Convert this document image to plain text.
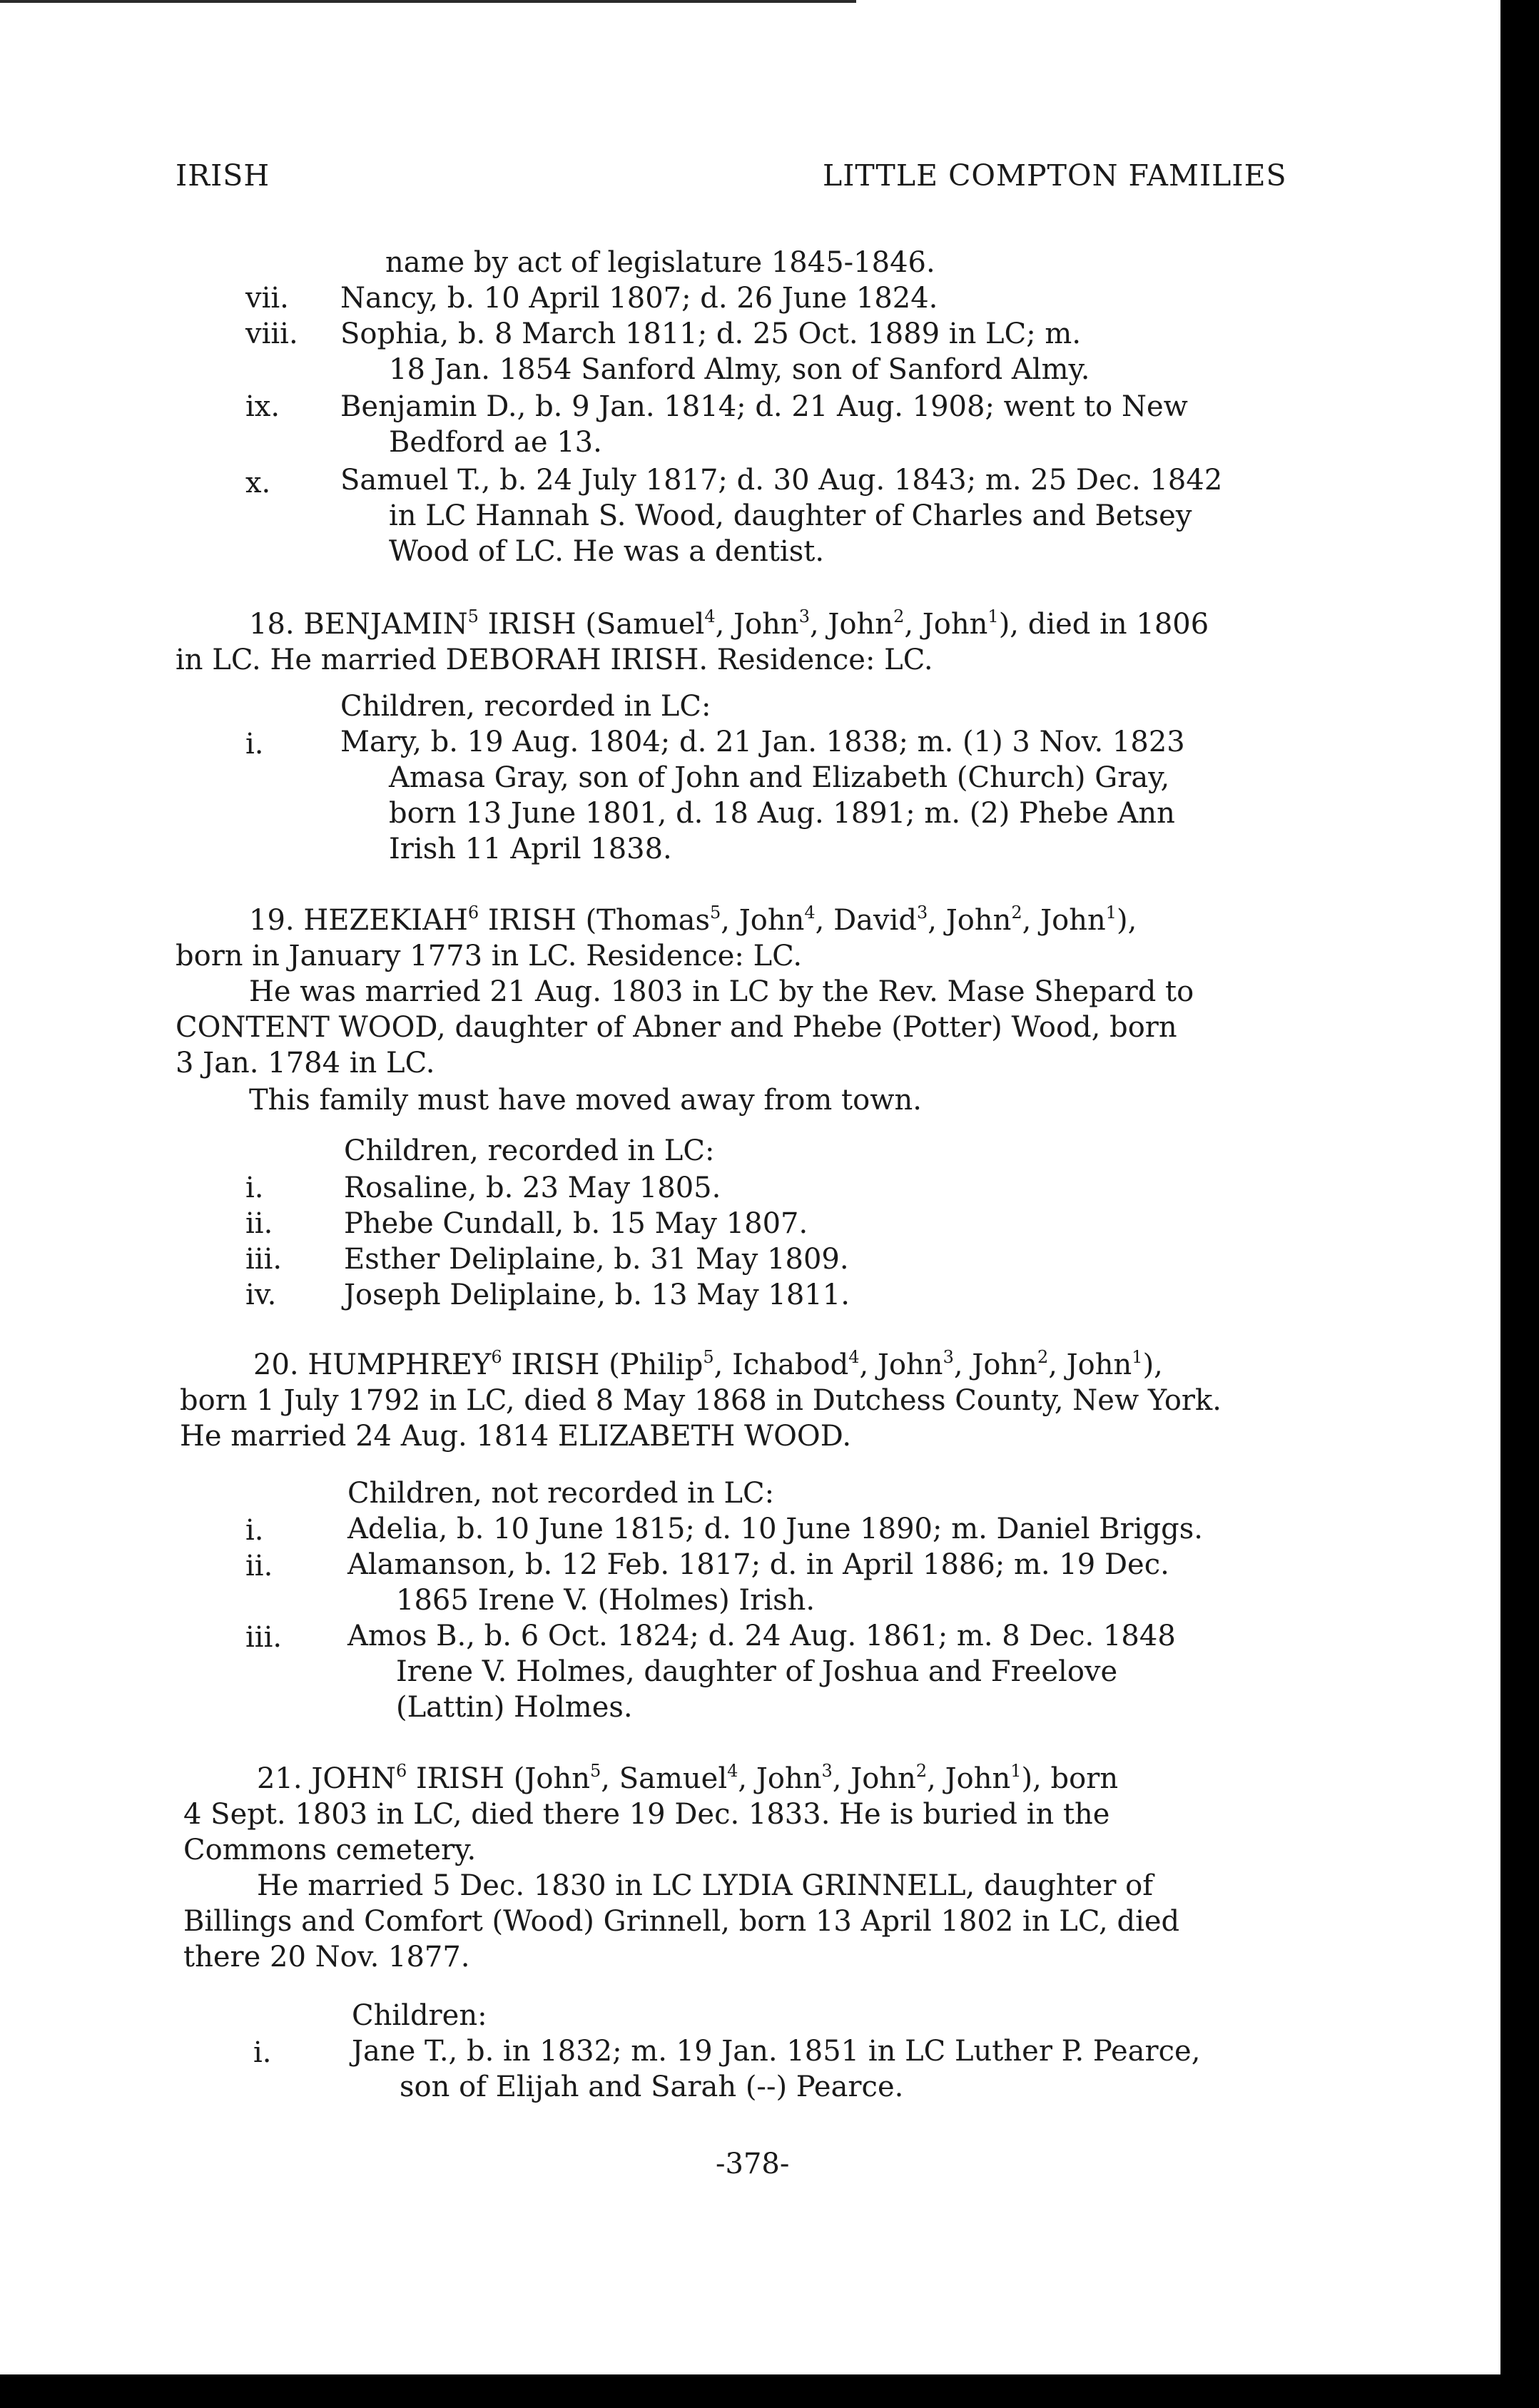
IRISH	LITTLE COMPTON FAMILIES
name by act of legislature 1845-1846.
vii. Nancy, b. 10 April 1807; d. 26 June 1824.
viii. Sophia, b. 8 March 1811; d. 25 Oct. 1889 in LC; m.
18 Jan. 1854 Sanford Almy, son of Sanford Almy.
ix. Benjamin D., b. 9 Jan. 1814; d. 21 Aug. 1908; went to New
Bedford ae 13.
x. Samuel T., b. 24 July 1817; d. 30 Aug. 1843; m. 25 Dec. 1842
in LC Hannah S. Wood, daughter of Charles and Betsey
Wood of LC. He was a dentist.
18. BENJAMIN$^5$ IRISH (Samuel$^4$, John$^3$, John$^2$, John$^1$), died in 1806
in LC. He married DEBORAH IRISH. Residence: LC.
Children, recorded in LC:
i.	Mary, b. 19 Aug. 1804; d. 21 Jan. 1838; m. (1) 3 Nov. 1823
Amasa Gray, son of John and Elizabeth (Church) Gray,
born 13 June 1801, d. 18 Aug. 1891; m. (2) Phebe Ann
Irish 11 April 1838.
19. HEZEKIAH$^6$ IRISH (Thomas$^5$, John$^4$, David$^3$, John$^2$, John$^1$),
born in January 1773 in LC. Residence: LC.
He was married 21 Aug. 1803 in LC by the Rev. Mase Shepard to
CONTENT WOOD, daughter of Abner and Phebe (Potter) Wood, born
3 Jan. 1784 in LC.
This family must have moved away from town.
Children, recorded in LC:
i.	Rosaline, b. 23 May 1805.
ii. Phebe Cundall, b. 15 May 1807.
iii. Esther Deliplaine, b. 31 May 1809.
iv. Joseph Deliplaine, b. 13 May 1811.
20. HUMPHREY$^6$ IRISH (Philip$^5$, Ichabod$^4$, John$^3$, John$^2$, John$^1$),
born 1 July 1792 in LC, died 8 May 1868 in Dutchess County, New York.
He married 24 Aug. 1814 ELIZABETH WOOD.
Children, not recorded in LC:
i.	Adelia, b. 10 June 1815; d. 10 June 1890; m. Daniel Briggs.
ii.	Alamanson, b. 12 Feb. 1817; d. in April 1886; m. 19 Dec.
1865 Irene V. (Holmes) Irish.
iii. Amos B., b. 6 Oct. 1824; d. 24 Aug. 1861; m. 8 Dec. 1848
Irene V. Holmes, daughter of Joshua and Freelove
(Lattin) Holmes.
21. JOHN$^6$ IRISH (John$^5$, Samuel$^4$, John$^3$, John$^2$, John$^1$), born
4 Sept. 1803 in LC, died there 19 Dec. 1833. He is buried in the
Commons cemetery.
He married 5 Dec. 1830 in LC LYDIA GRINNELL, daughter of
Billings and Comfort (Wood) Grinnell, born 13 April 1802 in LC, died
there 20 Nov. 1877.
Children:
i.	Jane T., b. in 1832; m. 19 Jan. 1851 in LC Luther P. Pearce,
son of Elijah and Sarah (--) Pearce.
-378-
